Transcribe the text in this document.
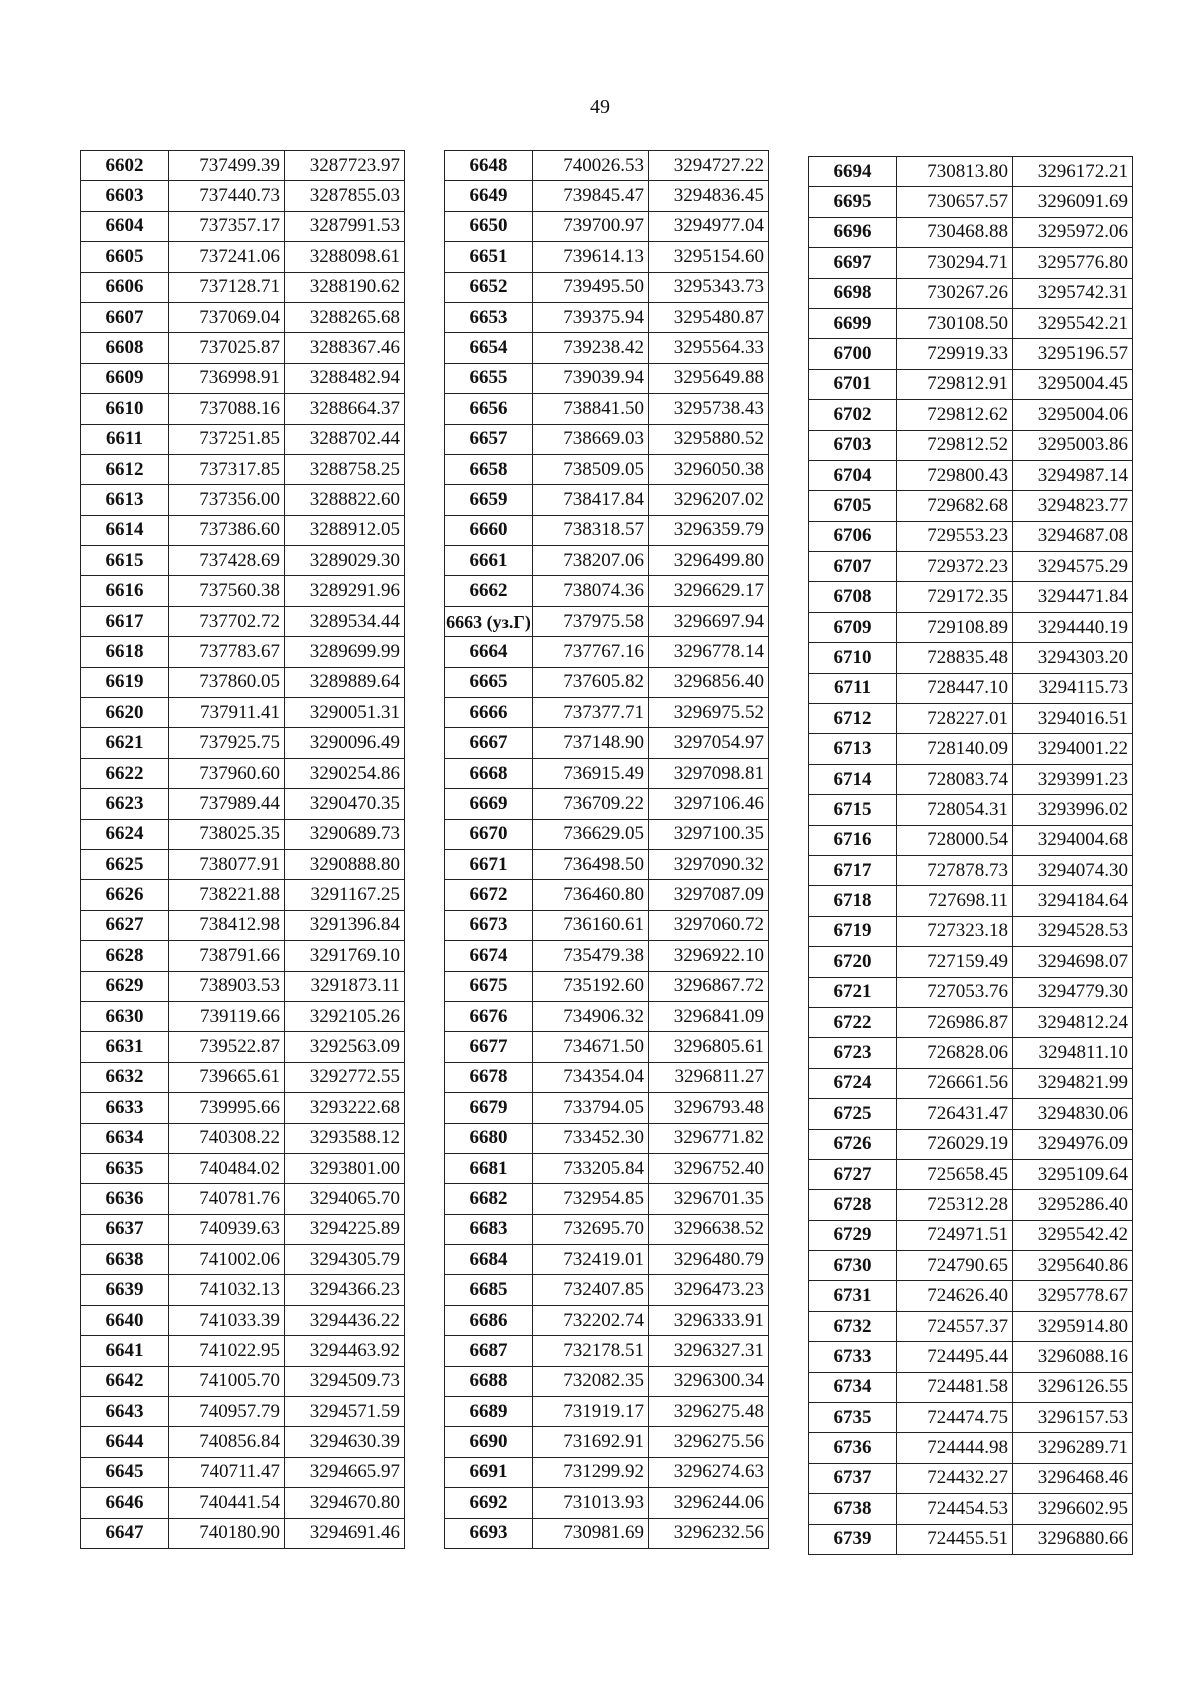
49
6602	737499.39	3287723.97
6603	737440.73	3287855.03
6604	737357.17	3287991.53
6605	737241.06	3288098.61
6606	737128.71	3288190.62
6607	737069.04	3288265.68
6608	737025.87	3288367.46
6609	736998.91	3288482.94
6610	737088.16	3288664.37
6611	737251.85	3288702.44
6612	737317.85	3288758.25
6613	737356.00	3288822.60
6614	737386.60	3288912.05
6615	737428.69	3289029.30
6616	737560.38	3289291.96
6617	737702.72	3289534.44
6618	737783.67	3289699.99
6619	737860.05	3289889.64
6620	737911.41	3290051.31
6621	737925.75	3290096.49
6622	737960.60	3290254.86
6623	737989.44	3290470.35
6624	738025.35	3290689.73
6625	738077.91	3290888.80
6626	738221.88	3291167.25
6627	738412.98	3291396.84
6628	738791.66	3291769.10
6629	738903.53	3291873.11
6630	739119.66	3292105.26
6631	739522.87	3292563.09
6632	739665.61	3292772.55
6633	739995.66	3293222.68
6634	740308.22	3293588.12
6635	740484.02	3293801.00
6636	740781.76	3294065.70
6637	740939.63	3294225.89
6638	741002.06	3294305.79
6639	741032.13	3294366.23
6640	741033.39	3294436.22
6641	741022.95	3294463.92
6642	741005.70	3294509.73
6643	740957.79	3294571.59
6644	740856.84	3294630.39
6645	740711.47	3294665.97
6646	740441.54	3294670.80
6647	740180.90	3294691.46
6648	740026.53	3294727.22
6649	739845.47	3294836.45
6650	739700.97	3294977.04
6651	739614.13	3295154.60
6652	739495.50	3295343.73
6653	739375.94	3295480.87
6654	739238.42	3295564.33
6655	739039.94	3295649.88
6656	738841.50	3295738.43
6657	738669.03	3295880.52
6658	738509.05	3296050.38
6659	738417.84	3296207.02
6660	738318.57	3296359.79
6661	738207.06	3296499.80
6662	738074.36	3296629.17
6663 (уз.Г)	737975.58	3296697.94
6664	737767.16	3296778.14
6665	737605.82	3296856.40
6666	737377.71	3296975.52
6667	737148.90	3297054.97
6668	736915.49	3297098.81
6669	736709.22	3297106.46
6670	736629.05	3297100.35
6671	736498.50	3297090.32
6672	736460.80	3297087.09
6673	736160.61	3297060.72
6674	735479.38	3296922.10
6675	735192.60	3296867.72
6676	734906.32	3296841.09
6677	734671.50	3296805.61
6678	734354.04	3296811.27
6679	733794.05	3296793.48
6680	733452.30	3296771.82
6681	733205.84	3296752.40
6682	732954.85	3296701.35
6683	732695.70	3296638.52
6684	732419.01	3296480.79
6685	732407.85	3296473.23
6686	732202.74	3296333.91
6687	732178.51	3296327.31
6688	732082.35	3296300.34
6689	731919.17	3296275.48
6690	731692.91	3296275.56
6691	731299.92	3296274.63
6692	731013.93	3296244.06
6693	730981.69	3296232.56
6694	730813.80	3296172.21
6695	730657.57	3296091.69
6696	730468.88	3295972.06
6697	730294.71	3295776.80
6698	730267.26	3295742.31
6699	730108.50	3295542.21
6700	729919.33	3295196.57
6701	729812.91	3295004.45
6702	729812.62	3295004.06
6703	729812.52	3295003.86
6704	729800.43	3294987.14
6705	729682.68	3294823.77
6706	729553.23	3294687.08
6707	729372.23	3294575.29
6708	729172.35	3294471.84
6709	729108.89	3294440.19
6710	728835.48	3294303.20
6711	728447.10	3294115.73
6712	728227.01	3294016.51
6713	728140.09	3294001.22
6714	728083.74	3293991.23
6715	728054.31	3293996.02
6716	728000.54	3294004.68
6717	727878.73	3294074.30
6718	727698.11	3294184.64
6719	727323.18	3294528.53
6720	727159.49	3294698.07
6721	727053.76	3294779.30
6722	726986.87	3294812.24
6723	726828.06	3294811.10
6724	726661.56	3294821.99
6725	726431.47	3294830.06
6726	726029.19	3294976.09
6727	725658.45	3295109.64
6728	725312.28	3295286.40
6729	724971.51	3295542.42
6730	724790.65	3295640.86
6731	724626.40	3295778.67
6732	724557.37	3295914.80
6733	724495.44	3296088.16
6734	724481.58	3296126.55
6735	724474.75	3296157.53
6736	724444.98	3296289.71
6737	724432.27	3296468.46
6738	724454.53	3296602.95
6739	724455.51	3296880.66
